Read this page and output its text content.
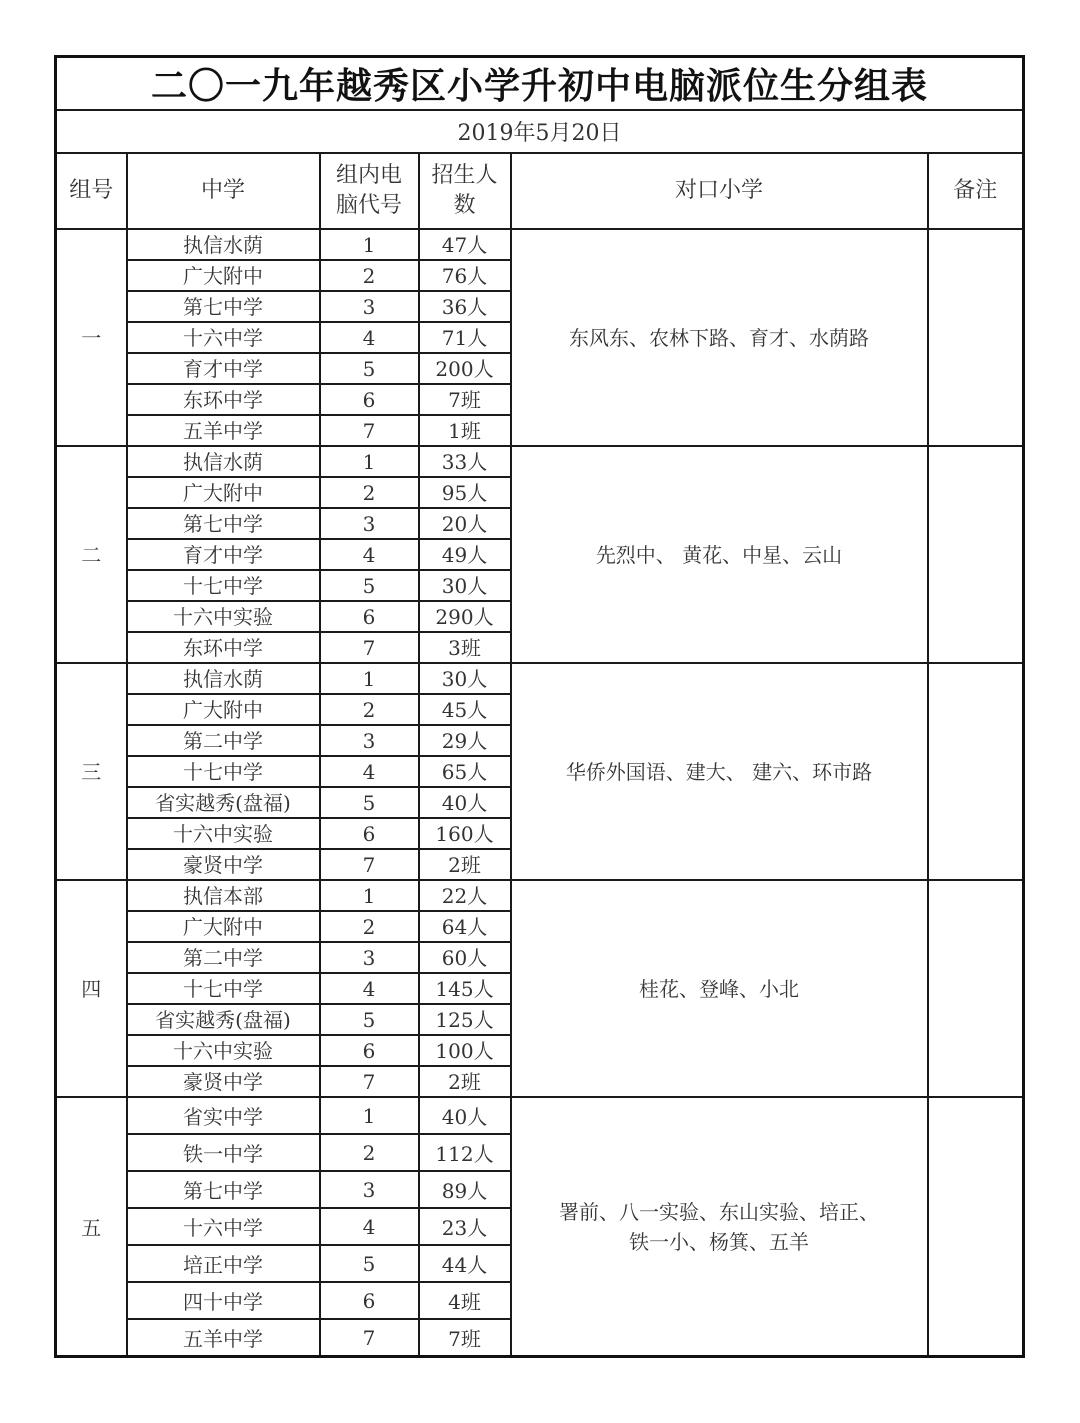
二〇一九年越秀区小学升初中电脑派位生分组表					
2019年5月20日					
组号	中学	组内电脑代号	招生人数	对口小学	备注
一	执信水荫	1	47人	东风东、农林下路、育才、水荫路	
	广大附中	2	76人		
	第七中学	3	36人		
	十六中学	4	71人		
	育才中学	5	200人		
	东环中学	6	7班		
	五羊中学	7	1班		
二	执信水荫	1	33人	先烈中、 黄花、中星、云山	
	广大附中	2	95人		
	第七中学	3	20人		
	育才中学	4	49人		
	十七中学	5	30人		
	十六中实验	6	290人		
	东环中学	7	3班		
三	执信水荫	1	30人	华侨外国语、建大、 建六、环市路	
	广大附中	2	45人		
	第二中学	3	29人		
	十七中学	4	65人		
	省实越秀(盘福)	5	40人		
	十六中实验	6	160人		
	豪贤中学	7	2班		
四	执信本部	1	22人	桂花、登峰、小北	
	广大附中	2	64人		
	第二中学	3	60人		
	十七中学	4	145人		
	省实越秀(盘福)	5	125人		
	十六中实验	6	100人		
	豪贤中学	7	2班		
五	省实中学	1	40人	署前、八一实验、东山实验、培正、
铁一小、杨箕、五羊	

	铁一中学	2	112人		
	第七中学	3	89人		
	十六中学	4	23人		
	培正中学	5	44人		
	四十中学	6	4班		
	五羊中学	7	7班		
